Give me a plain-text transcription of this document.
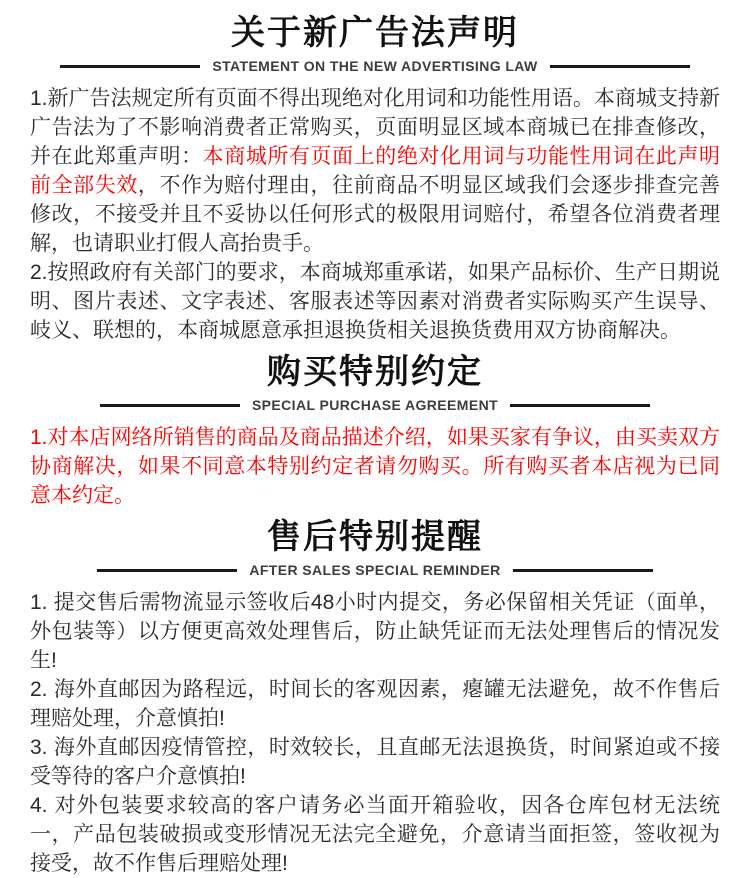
关于新广告法声明
STATEMENT ON THE NEW ADVERTISING LAW

1.新广告法规定所有页面不得出现绝对化用词和功能性用语。本商城支持新广告法为了不影响消费者正常购买，页面明显区域本商城已在排查修改，并在此郑重声明：本商城所有页面上的绝对化用词与功能性用词在此声明前全部失效，不作为赔付理由，往前商品不明显区域我们会逐步排查完善修改，不接受并且不妥协以任何形式的极限用词赔付，希望各位消费者理解，也请职业打假人高抬贵手。

2.按照政府有关部门的要求，本商城郑重承诺，如果产品标价、生产日期说明、图片表述、文字表述、客服表述等因素对消费者实际购买产生误导、岐义、联想的，本商城愿意承担退换货相关退换货费用双方协商解决。

购买特别约定
SPECIAL PURCHASE AGREEMENT

1.对本店网络所销售的商品及商品描述介绍，如果买家有争议，由买卖双方协商解决，如果不同意本特别约定者请勿购买。所有购买者本店视为已同意本约定。

售后特别提醒
AFTER SALES SPECIAL REMINDER

1. 提交售后需物流显示签收后48小时内提交，务必保留相关凭证（面单，外包装等）以方便更高效处理售后，防止缺凭证而无法处理售后的情况发生!

2. 海外直邮因为路程远，时间长的客观因素，瘪罐无法避免，故不作售后理赔处理，介意慎拍!

3. 海外直邮因疫情管控，时效较长，且直邮无法退换货，时间紧迫或不接受等待的客户介意慎拍!

4. 对外包装要求较高的客户请务必当面开箱验收，因各仓库包材无法统一，产品包装破损或变形情况无法完全避免，介意请当面拒签，签收视为接受，故不作售后理赔处理!
